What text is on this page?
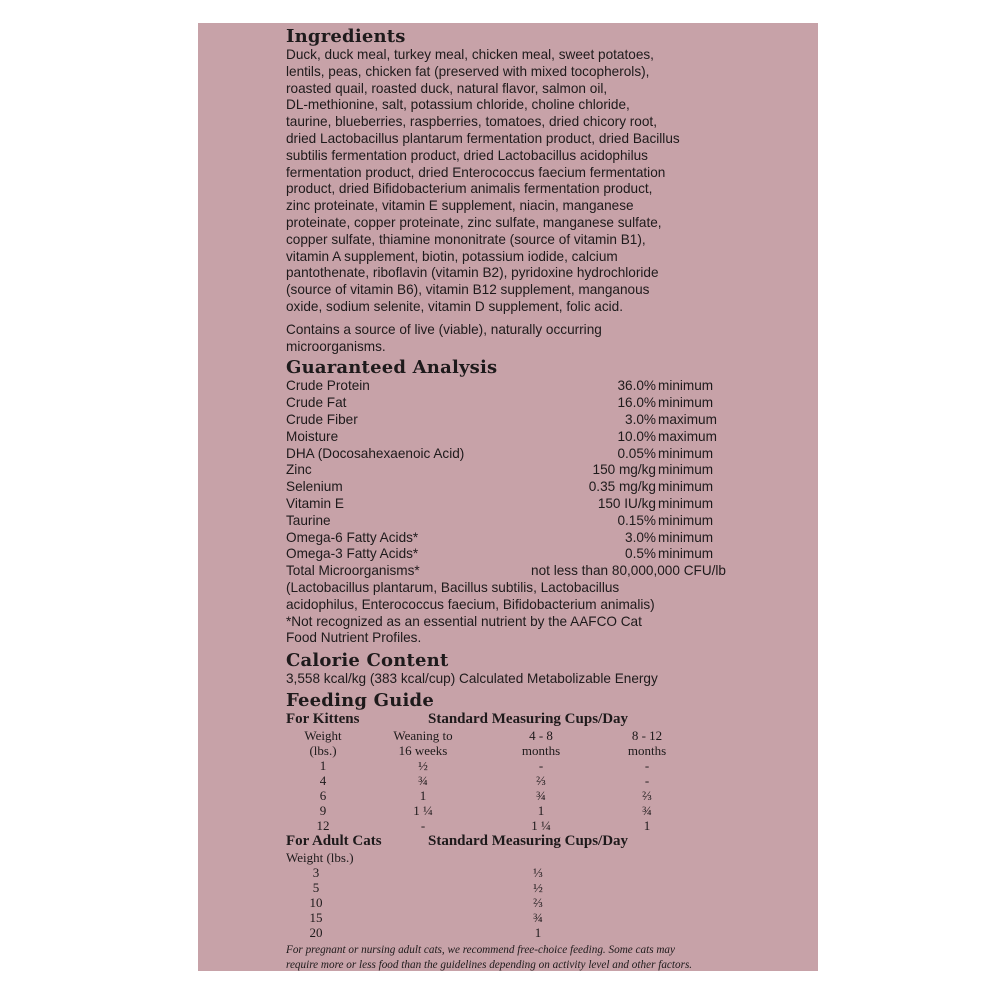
Ingredients

Duck, duck meal, turkey meal, chicken meal, sweet potatoes,

lentils, peas, chicken fat (preserved with mixed tocopherols),

roasted quail, roasted duck, natural flavor, salmon oil,

DL-methionine, salt, potassium chloride, choline chloride,

taurine, blueberries, raspberries, tomatoes, dried chicory root,

dried Lactobacillus plantarum fermentation product, dried Bacillus

subtilis fermentation product, dried Lactobacillus acidophilus

fermentation product, dried Enterococcus faecium fermentation

product, dried Bifidobacterium animalis fermentation product,

zinc proteinate, vitamin E supplement, niacin, manganese

proteinate, copper proteinate, zinc sulfate, manganese sulfate,

copper sulfate, thiamine mononitrate (source of vitamin B1),

vitamin A supplement, biotin, potassium iodide, calcium

pantothenate, riboflavin (vitamin B2), pyridoxine hydrochloride

(source of vitamin B6), vitamin B12 supplement, manganous

oxide, sodium selenite, vitamin D supplement, folic acid.

Contains a source of live (viable), naturally occurring

microorganisms.

Guaranteed Analysis
Crude Protein	36.0% minimum
Crude Fat	16.0% minimum
Crude Fiber	3.0% maximum
Moisture	10.0% maximum
DHA (Docosahexaenoic Acid)	0.05% minimum
Zinc	150 mg/kg minimum
Selenium	0.35 mg/kg minimum
Vitamin E	150 IU/kg minimum
Taurine	0.15% minimum
Omega-6 Fatty Acids*	3.0% minimum
Omega-3 Fatty Acids*	0.5% minimum
Total Microorganisms*	not less than 80,000,000 CFU/lb

(Lactobacillus plantarum, Bacillus subtilis, Lactobacillus

acidophilus, Enterococcus faecium, Bifidobacterium animalis)

*Not recognized as an essential nutrient by the AAFCO Cat

Food Nutrient Profiles.

Calorie Content

3,558 kcal/kg (383 kcal/cup) Calculated Metabolizable Energy

Feeding Guide
For Kittens	Standard Measuring Cups/Day
Weight	Weaning to	4 - 8	8 - 12
(lbs.)	16 weeks	months	months
1	½	-	-
4	¾	⅔	-
6	1	¾	⅔
9	1 ¼	1	¾
12	-	1 ¼	1
For Adult Cats	Standard Measuring Cups/Day
Weight (lbs.)
3	⅓
5	½
10	⅔
15	¾
20	1
For pregnant or nursing adult cats, we recommend free-choice feeding. Some cats may
require more or less food than the guidelines depending on activity level and other factors.
